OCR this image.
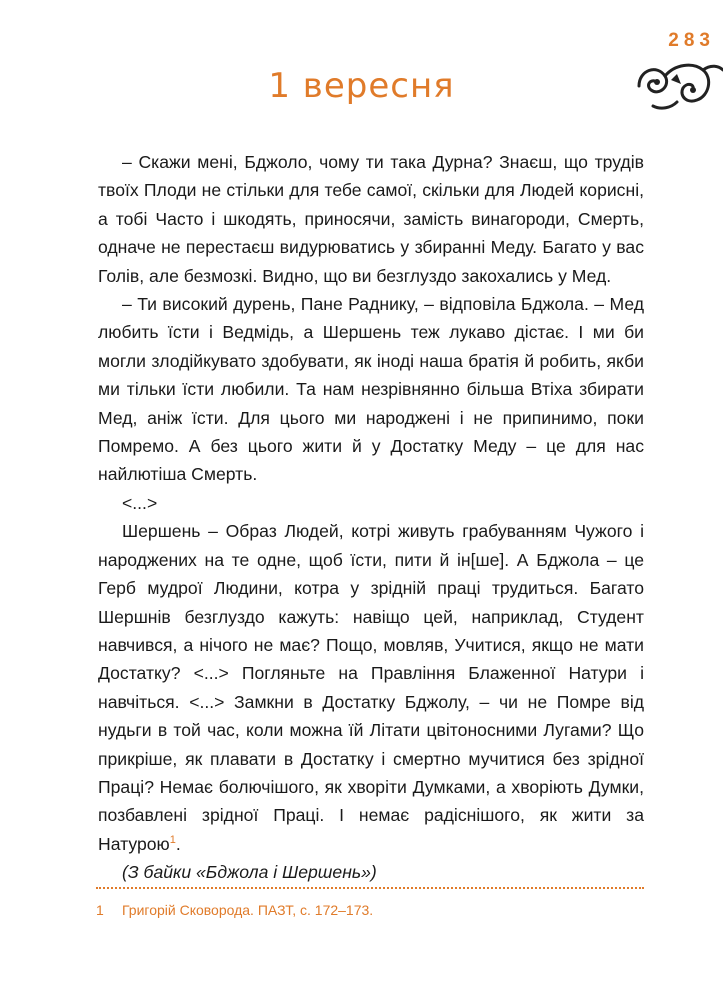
283
1 вересня

– Скажи мені, Бджоло, чому ти така Дурна? Знаєш, що трудів твоїх Плоди не стільки для тебе самої, скільки для Людей корисні, а тобі Часто і шкодять, приносячи, замість винагороди, Смерть, одначе не перестаєш видурюватись у збиранні Меду. Багато у вас Голів, але безмозкі. Видно, що ви безглуздо закохались у Мед.

– Ти високий дурень, Пане Раднику, – відповіла Бджола. – Мед любить їсти і Ведмідь, а Шершень теж лукаво дістає. І ми би могли злодійкувато здобувати, як іноді наша братія й робить, якби ми тільки їсти любили. Та нам незрівнянно більша Втіха збирати Мед, аніж їсти. Для цього ми народжені і не припинимо, поки Помремо. А без цього жити й у Достатку Меду – це для нас найлютіша Смерть.

<...>

Шершень – Образ Людей, котрі живуть грабуванням Чужого і народжених на те одне, щоб їсти, пити й ін[ше]. А Бджола – це Герб мудрої Людини, котра у зрідній праці трудиться. Багато Шершнів безглуздо кажуть: навіщо цей, наприклад, Студент навчився, а нічого не має? Пощо, мовляв, Учитися, якщо не мати Достатку? <...> Погляньте на Правління Блаженної Натури і навчіться. <...> Замкни в Достатку Бджолу, – чи не Помре від нудьги в той час, коли можна їй Літати цвітоносними Лугами? Що прикріше, як плавати в Достатку і смертно мучитися без зрідної Праці? Немає болючішого, як хворіти Думками, а хворіють Думки, позбавлені зрідної Праці. І немає радіснішого, як жити за Натурою$^1$.

(З байки «Бджола і Шершень»)

1 Григорій Сковорода. ПАЗТ, с. 172–173.
